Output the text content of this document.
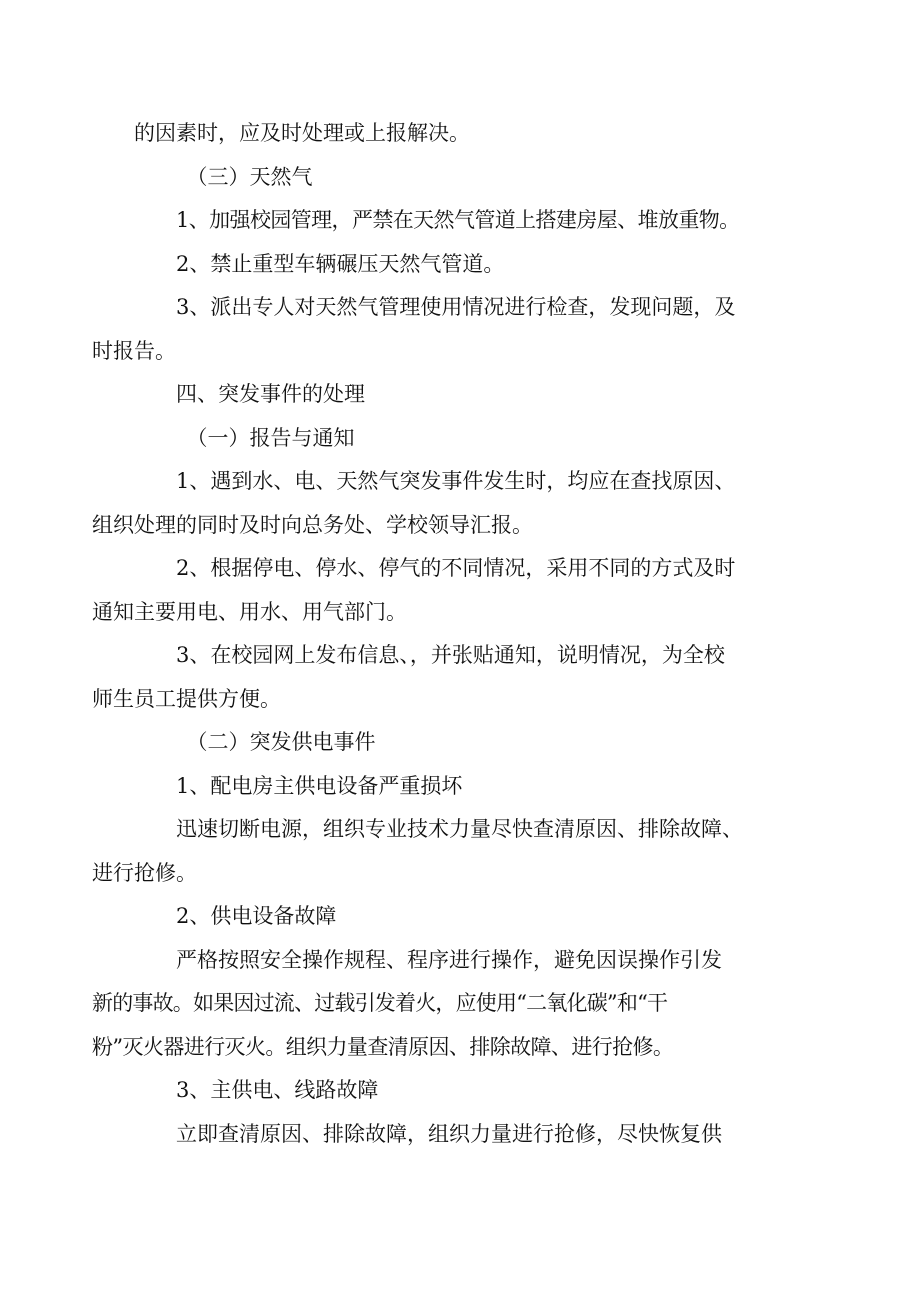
的因素时，应及时处理或上报解决。

（三）天然气

1、加强校园管理，严禁在天然气管道上搭建房屋、堆放重物。

2、禁止重型车辆碾压天然气管道。

3、派出专人对天然气管理使用情况进行检查，发现问题，及
时报告。

四、突发事件的处理

（一）报告与通知

1、遇到水、电、天然气突发事件发生时，均应在查找原因、
组织处理的同时及时向总务处、学校领导汇报。

2、根据停电、停水、停气的不同情况，采用不同的方式及时
通知主要用电、用水、用气部门。

3、在校园网上发布信息、，并张贴通知，说明情况，为全校
师生员工提供方便。

（二）突发供电事件

1、配电房主供电设备严重损坏

迅速切断电源，组织专业技术力量尽快查清原因、排除故障、
进行抢修。

2、供电设备故障

严格按照安全操作规程、程序进行操作，避免因误操作引发
新的事故。如果因过流、过载引发着火，应使用“二氧化碳”和“干
粉”灭火器进行灭火。组织力量查清原因、排除故障、进行抢修。

3、主供电、线路故障

立即查清原因、排除故障，组织力量进行抢修，尽快恢复供
